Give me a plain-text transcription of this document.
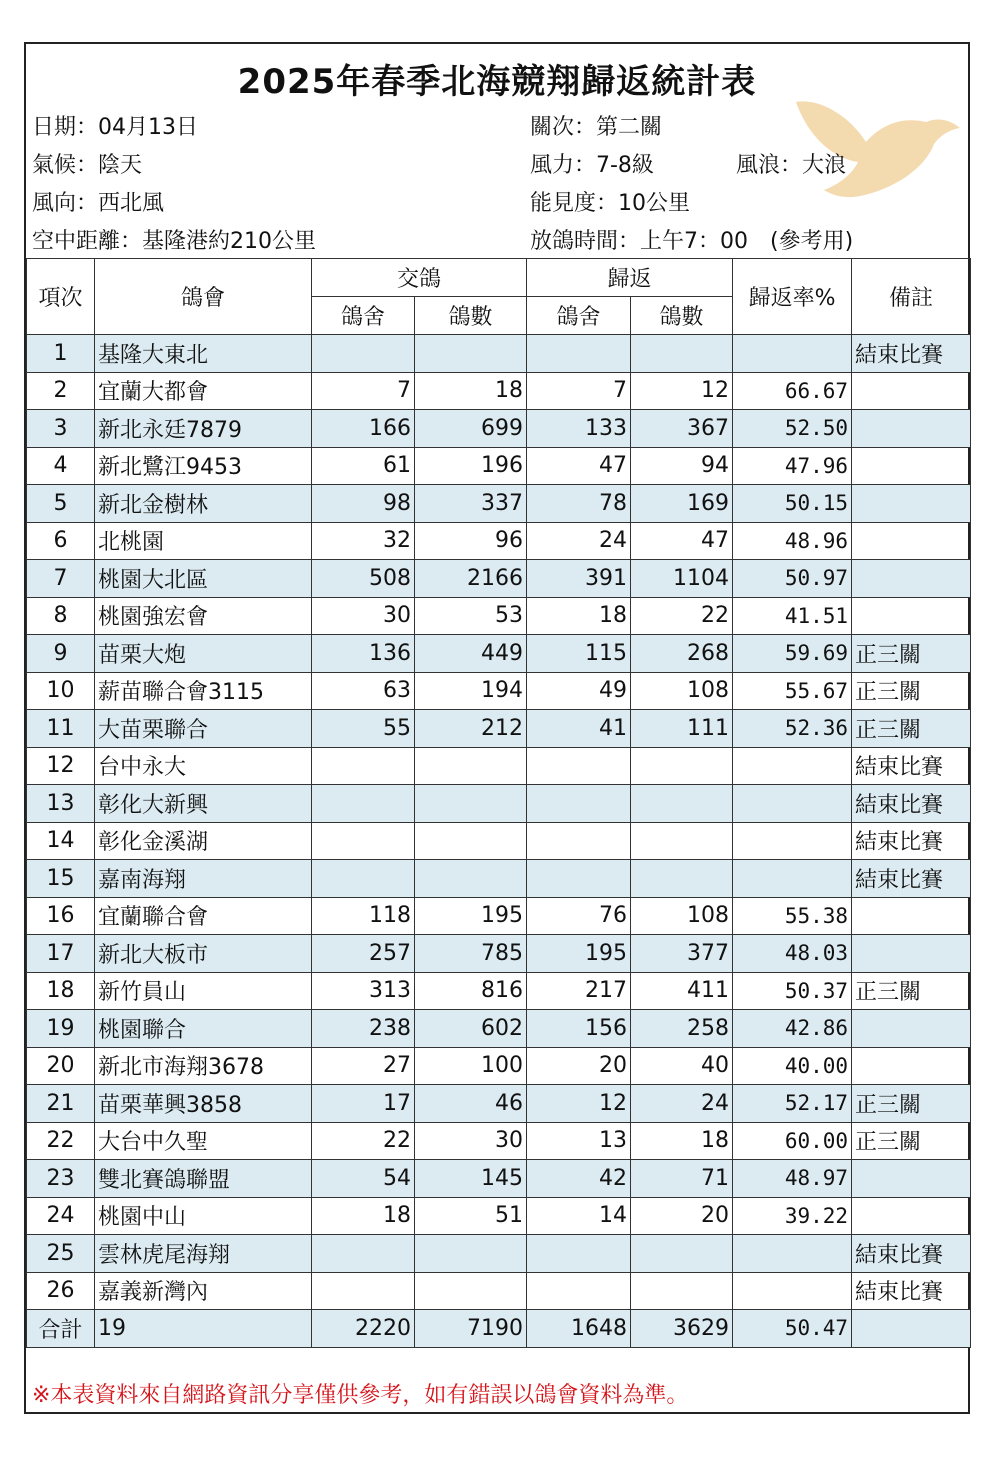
2025年春季北海競翔歸返統計表
日期：04月13日
氣候：陰天
風向：西北風
空中距離：基隆港約210公里
關次：第二關
風力：7-8級	風浪：大浪
能見度：10公里
放鴿時間：上午7：00　(參考用)
項次	鴿會	交鴿		歸返		歸返率%	備註
		鴿舍	鴿數	鴿舍	鴿數		
1	基隆大東北						結束比賽
2	宜蘭大都會	7	18	7	12	66.67	
3	新北永廷7879	166	699	133	367	52.50	
4	新北鷺江9453	61	196	47	94	47.96	
5	新北金樹林	98	337	78	169	50.15	
6	北桃園	32	96	24	47	48.96	
7	桃園大北區	508	2166	391	1104	50.97	
8	桃園強宏會	30	53	18	22	41.51	
9	苗栗大炮	136	449	115	268	59.69	正三關
10	薪苗聯合會3115	63	194	49	108	55.67	正三關
11	大苗栗聯合	55	212	41	111	52.36	正三關
12	台中永大						結束比賽
13	彰化大新興						結束比賽
14	彰化金溪湖						結束比賽
15	嘉南海翔						結束比賽
16	宜蘭聯合會	118	195	76	108	55.38	
17	新北大板市	257	785	195	377	48.03	
18	新竹員山	313	816	217	411	50.37	正三關
19	桃園聯合	238	602	156	258	42.86	
20	新北市海翔3678	27	100	20	40	40.00	
21	苗栗華興3858	17	46	12	24	52.17	正三關
22	大台中久聖	22	30	13	18	60.00	正三關
23	雙北賽鴿聯盟	54	145	42	71	48.97	
24	桃園中山	18	51	14	20	39.22	
25	雲林虎尾海翔						結束比賽
26	嘉義新灣內						結束比賽
合計	19	2220	7190	1648	3629	50.47	
※本表資料來自網路資訊分享僅供參考，如有錯誤以鴿會資料為準。
